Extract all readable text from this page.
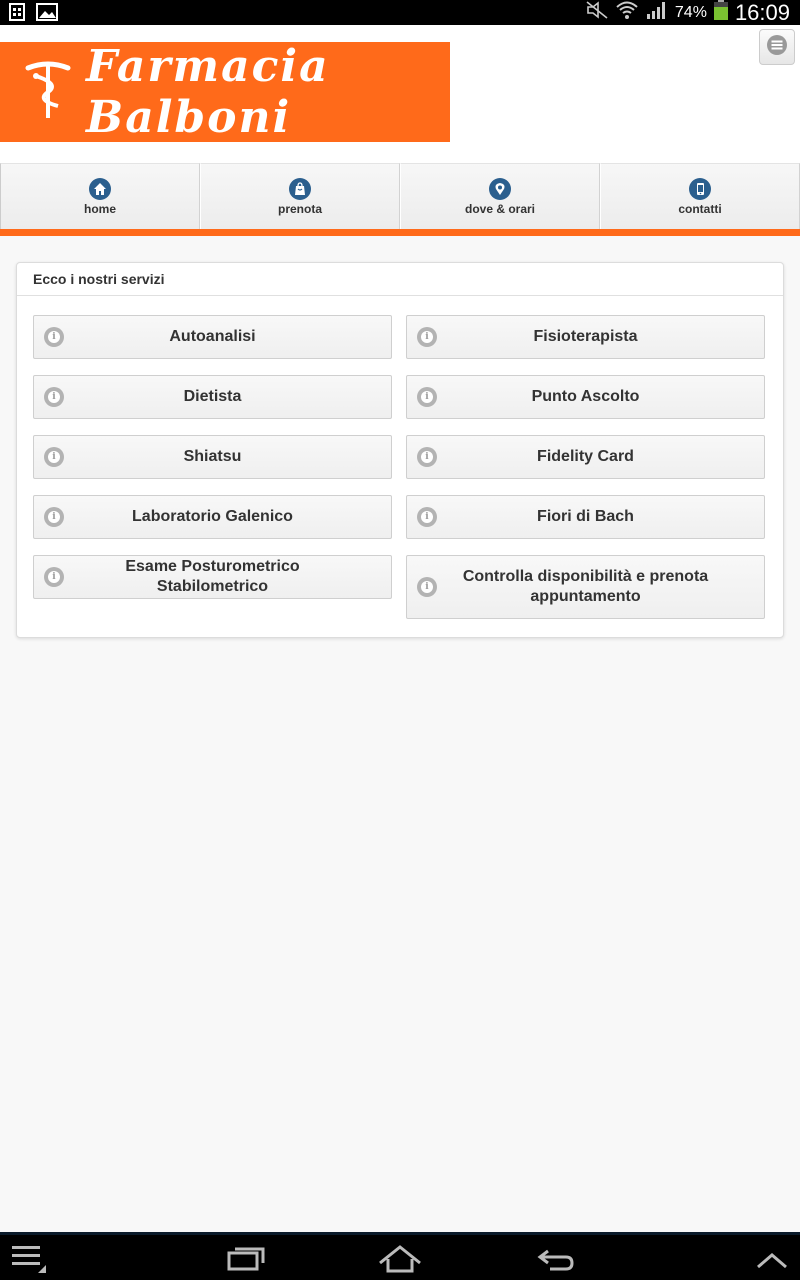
74% 16:09
Farmacia Balboni
home	prenota	dove & orari	contatti
Ecco i nostri servizi
i	Autoanalisi	i	Fisioterapista
i	Dietista	i	Punto Ascolto
i	Shiatsu	i	Fidelity Card
i	Laboratorio Galenico	i	Fiori di Bach
i
Esame Posturometrico Stabilometrico	i
Controlla disponibilità e prenota appuntamento
